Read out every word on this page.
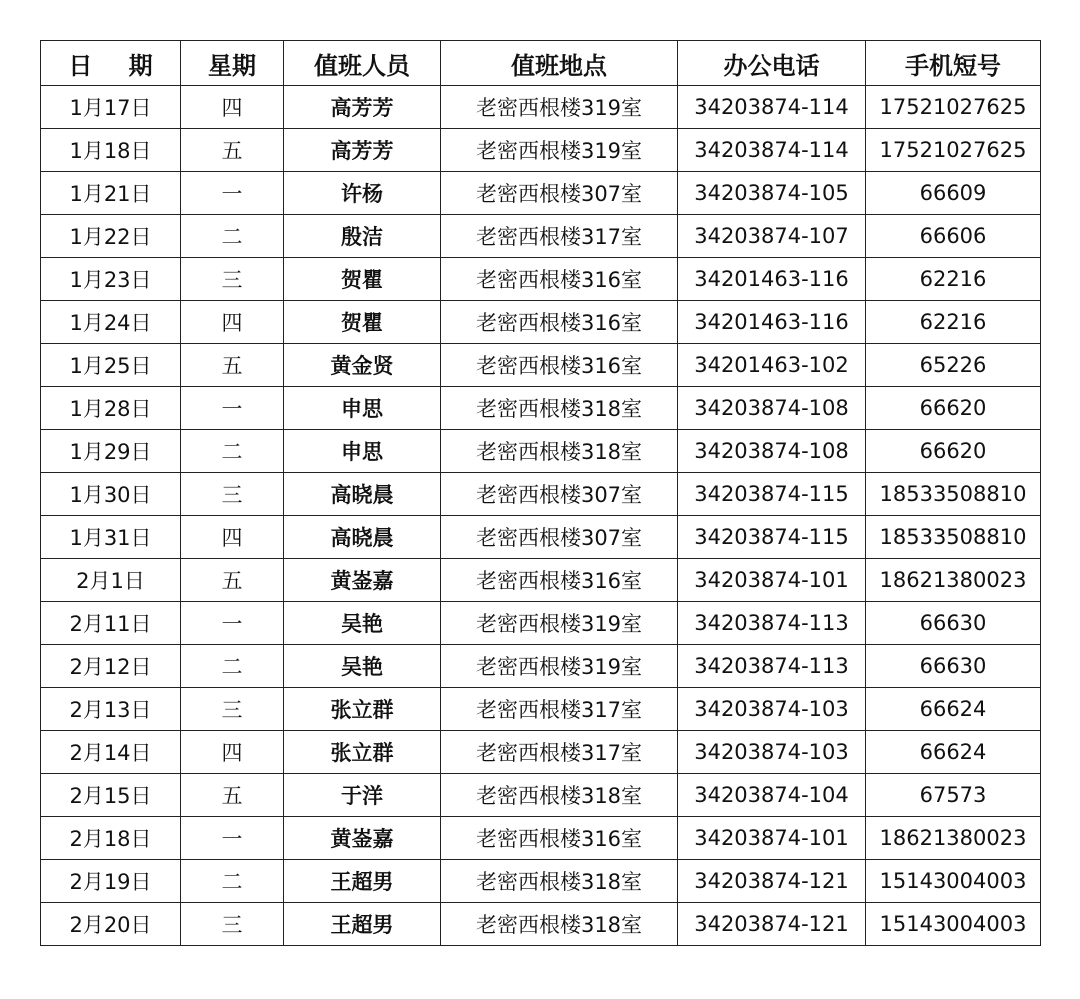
日 期	星期	值班人员	值班地点	办公电话	手机短号
1月17日	四	高芳芳	老密西根楼319室	34203874-114	17521027625
1月18日	五	高芳芳	老密西根楼319室	34203874-114	17521027625
1月21日	一	许杨	老密西根楼307室	34203874-105	66609
1月22日	二	殷洁	老密西根楼317室	34203874-107	66606
1月23日	三	贺瞿	老密西根楼316室	34201463-116	62216
1月24日	四	贺瞿	老密西根楼316室	34201463-116	62216
1月25日	五	黄金贤	老密西根楼316室	34201463-102	65226
1月28日	一	申思	老密西根楼318室	34203874-108	66620
1月29日	二	申思	老密西根楼318室	34203874-108	66620
1月30日	三	高晓晨	老密西根楼307室	34203874-115	18533508810
1月31日	四	高晓晨	老密西根楼307室	34203874-115	18533508810
2月1日	五	黄崟嘉	老密西根楼316室	34203874-101	18621380023
2月11日	一	吴艳	老密西根楼319室	34203874-113	66630
2月12日	二	吴艳	老密西根楼319室	34203874-113	66630
2月13日	三	张立群	老密西根楼317室	34203874-103	66624
2月14日	四	张立群	老密西根楼317室	34203874-103	66624
2月15日	五	于洋	老密西根楼318室	34203874-104	67573
2月18日	一	黄崟嘉	老密西根楼316室	34203874-101	18621380023
2月19日	二	王超男	老密西根楼318室	34203874-121	15143004003
2月20日	三	王超男	老密西根楼318室	34203874-121	15143004003
